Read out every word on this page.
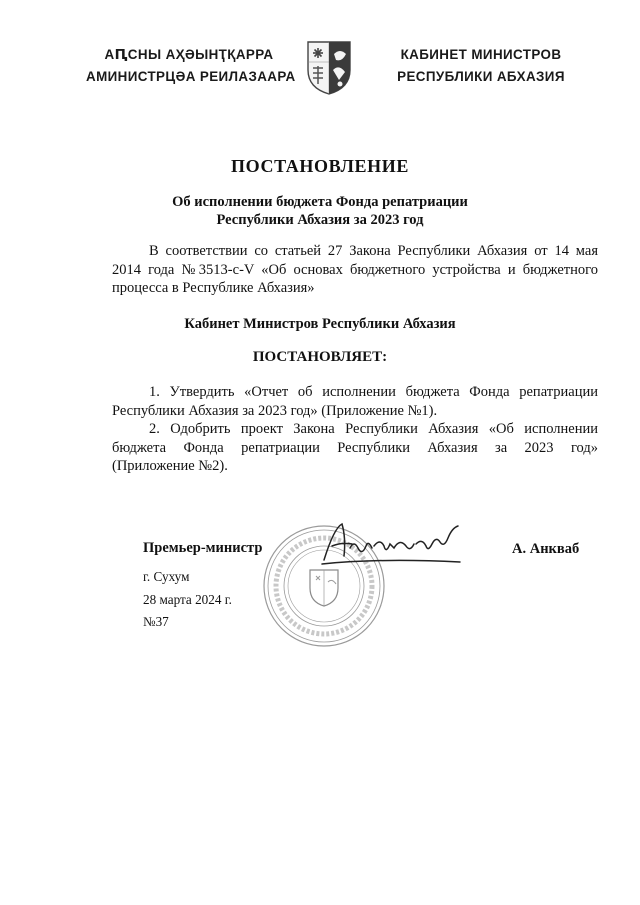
АԤСНЫ АҲӘЫНҬҚАРРА
АМИНИСТРЦӘА РЕИЛАЗААРА
КАБИНЕТ МИНИСТРОВ
РЕСПУБЛИКИ АБХАЗИЯ
ПОСТАНОВЛЕНИЕ
Об исполнении бюджета Фонда репатриации
Республики Абхазия за 2023 год
В соответствии со статьей 27 Закона Республики Абхазия от 14 мая
2014 года №3513-с-V «Об основах бюджетного устройства и бюджетного
процесса в Республике Абхазия»
Кабинет Министров Республики Абхазия
ПОСТАНОВЛЯЕТ:
1. Утвердить «Отчет об исполнении бюджета Фонда репатриации
Республики Абхазия за 2023 год» (Приложение №1).
2. Одобрить проект Закона Республики Абхазия «Об исполнении
бюджета Фонда репатриации Республики Абхазия за 2023 год»
(Приложение №2).
Премьер-министр	А. Анкваб
г. Сухум
28 марта 2024 г.
№37
